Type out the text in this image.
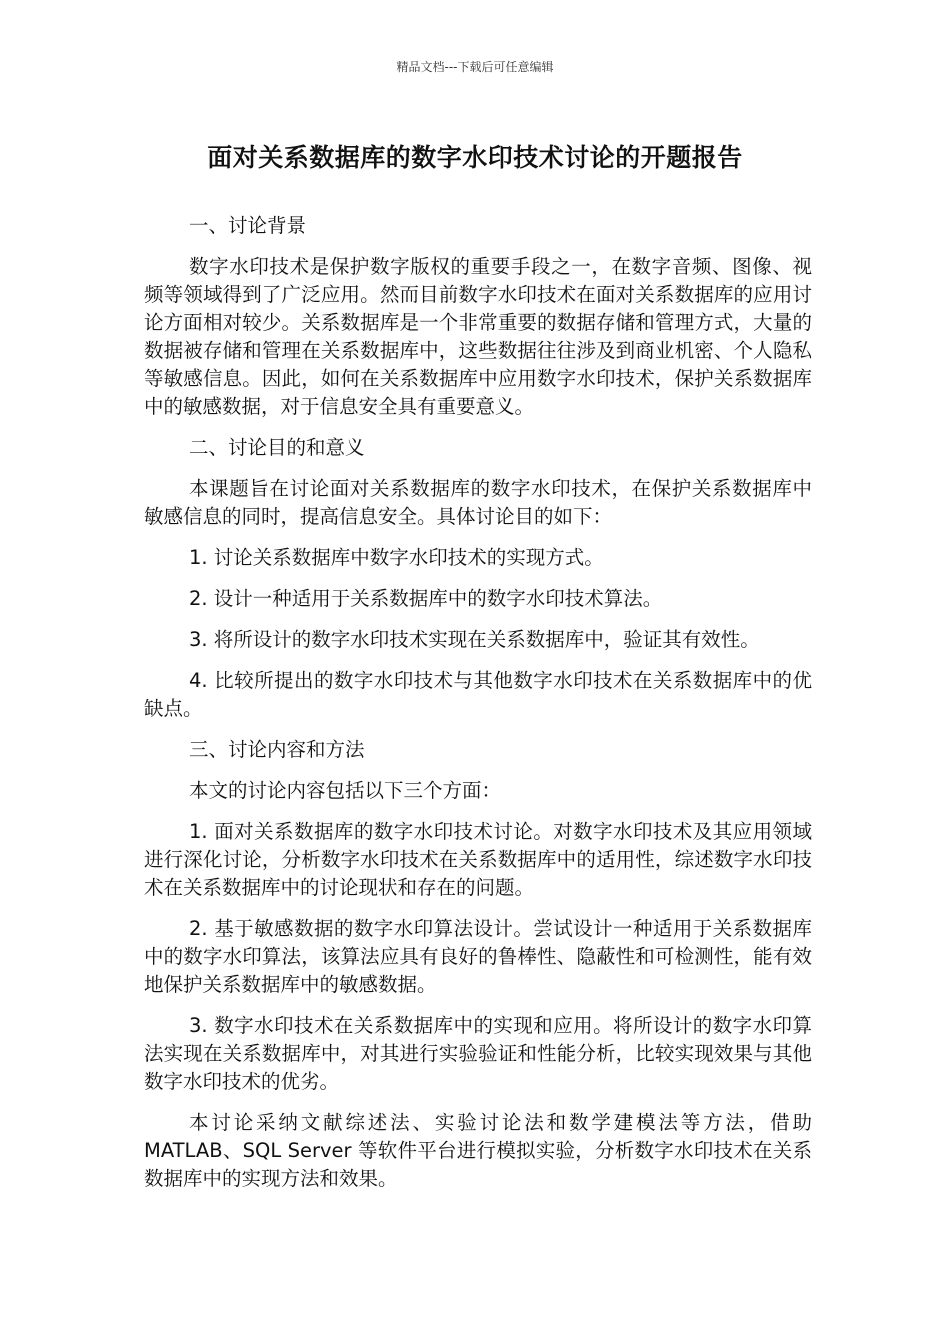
精品文档---下载后可任意编辑
面对关系数据库的数字水印技术讨论的开题报告

一、讨论背景

数字水印技术是保护数字版权的重要手段之一，在数字音频、图像、视频等领域得到了广泛应用。然而目前数字水印技术在面对关系数据库的应用讨论方面相对较少。关系数据库是一个非常重要的数据存储和管理方式，大量的数据被存储和管理在关系数据库中，这些数据往往涉及到商业机密、个人隐私等敏感信息。因此，如何在关系数据库中应用数字水印技术，保护关系数据库中的敏感数据，对于信息安全具有重要意义。

二、讨论目的和意义

本课题旨在讨论面对关系数据库的数字水印技术，在保护关系数据库中敏感信息的同时，提高信息安全。具体讨论目的如下：

1. 讨论关系数据库中数字水印技术的实现方式。

2. 设计一种适用于关系数据库中的数字水印技术算法。

3. 将所设计的数字水印技术实现在关系数据库中，验证其有效性。

4. 比较所提出的数字水印技术与其他数字水印技术在关系数据库中的优缺点。

三、讨论内容和方法

本文的讨论内容包括以下三个方面：

1. 面对关系数据库的数字水印技术讨论。对数字水印技术及其应用领域进行深化讨论，分析数字水印技术在关系数据库中的适用性，综述数字水印技术在关系数据库中的讨论现状和存在的问题。

2. 基于敏感数据的数字水印算法设计。尝试设计一种适用于关系数据库中的数字水印算法，该算法应具有良好的鲁棒性、隐蔽性和可检测性，能有效地保护关系数据库中的敏感数据。

3. 数字水印技术在关系数据库中的实现和应用。将所设计的数字水印算法实现在关系数据库中，对其进行实验验证和性能分析，比较实现效果与其他数字水印技术的优劣。

本讨论采纳文献综述法、实验讨论法和数学建模法等方法，借助 MATLAB、SQL Server 等软件平台进行模拟实验，分析数字水印技术在关系数据库中的实现方法和效果。
